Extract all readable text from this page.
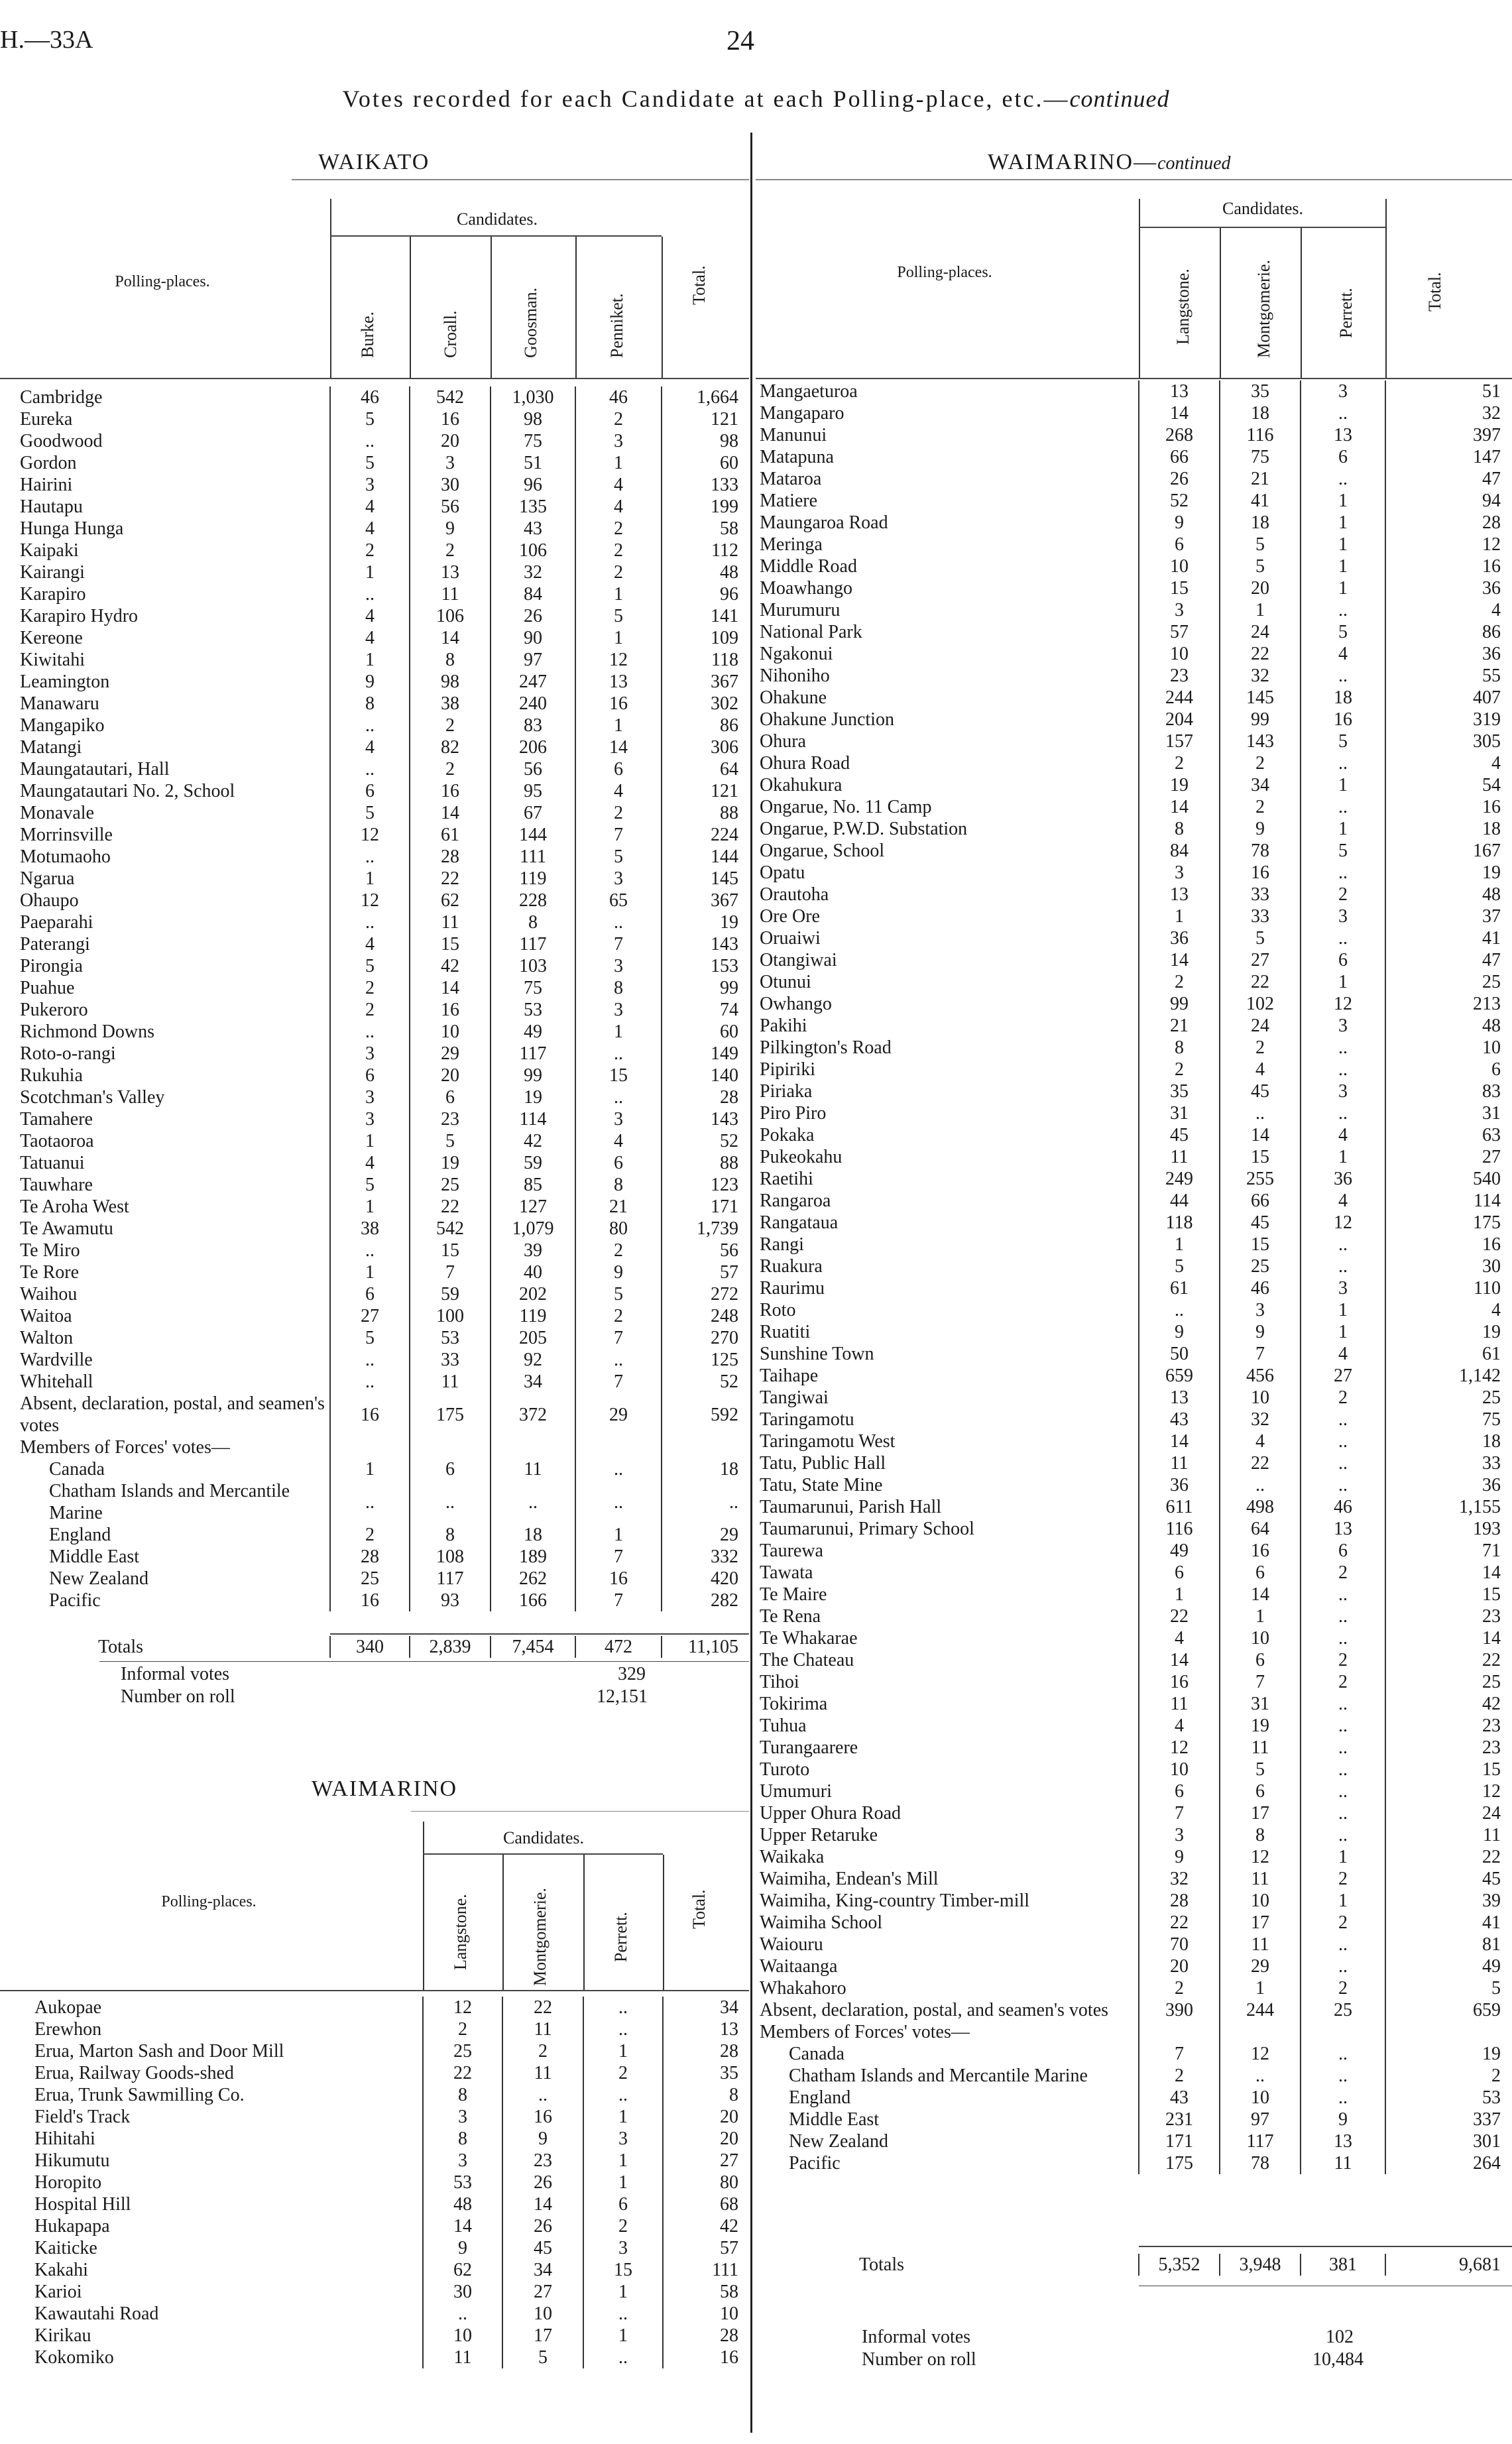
H.—33A	24
Votes recorded for each Candidate at each Polling-place, etc.—continued
WAIKATO
Candidates.
Polling-places.
Burke.	Croall.	Goosman.	Penniket.
Total.
Cambridge	46	542	1,030	46	1,664
Eureka	5	16	98	2	121
Goodwood	..	20	75	3	98
Gordon	5	3	51	1	60
Hairini	3	30	96	4	133
Hautapu	4	56	135	4	199
Hunga Hunga	4	9	43	2	58
Kaipaki	2	2	106	2	112
Kairangi	1	13	32	2	48
Karapiro	..	11	84	1	96
Karapiro Hydro	4	106	26	5	141
Kereone	4	14	90	1	109
Kiwitahi	1	8	97	12	118
Leamington	9	98	247	13	367
Manawaru	8	38	240	16	302
Mangapiko	..	2	83	1	86
Matangi	4	82	206	14	306
Maungatautari, Hall	..	2	56	6	64
Maungatautari No. 2, School	6	16	95	4	121
Monavale	5	14	67	2	88
Morrinsville	12	61	144	7	224
Motumaoho	..	28	111	5	144
Ngarua	1	22	119	3	145
Ohaupo	12	62	228	65	367
Paeparahi	..	11	8	..	19
Paterangi	4	15	117	7	143
Pirongia	5	42	103	3	153
Puahue	2	14	75	8	99
Pukeroro	2	16	53	3	74
Richmond Downs	..	10	49	1	60
Roto-o-rangi	3	29	117	..	149
Rukuhia	6	20	99	15	140
Scotchman's Valley	3	6	19	..	28
Tamahere	3	23	114	3	143
Taotaoroa	1	5	42	4	52
Tatuanui	4	19	59	6	88
Tauwhare	5	25	85	8	123
Te Aroha West	1	22	127	21	171
Te Awamutu	38	542	1,079	80	1,739
Te Miro	..	15	39	2	56
Te Rore	1	7	40	9	57
Waihou	6	59	202	5	272
Waitoa	27	100	119	2	248
Walton	5	53	205	7	270
Wardville	..	33	92	..	125
Whitehall	..	11	34	7	52
Absent, declaration, postal, and seamen's votes	16	175	372	29	592
Members of Forces' votes—					
Canada	1	6	11	..	18
Chatham Islands and Mercantile Marine	..	..	..	..	..
England	2	8	18	1	29
Middle East	28	108	189	7	332
New Zealand	25	117	262	16	420
Pacific	16	93	166	7	282
Totals	340	2,839	7,454	472	11,105
Informal votes	329
Number on roll	12,151
WAIMARINO
Candidates.
Polling-places.	Langstone.	Montgomerie.	Perrett.
Total.
Aukopae	12	22	..	34
Erewhon	2	11	..	13
Erua, Marton Sash and Door Mill	25	2	1	28
Erua, Railway Goods-shed	22	11	2	35
Erua, Trunk Sawmilling Co.	8	..	..	8
Field's Track	3	16	1	20
Hihitahi	8	9	3	20
Hikumutu	3	23	1	27
Horopito	53	26	1	80
Hospital Hill	48	14	6	68
Hukapapa	14	26	2	42
Kaiticke	9	45	3	57
Kakahi	62	34	15	111
Karioi	30	27	1	58
Kawautahi Road	..	10	..	10
Kirikau	10	17	1	28
Kokomiko	11	5	..	16
WAIMARINO—continued
Candidates.
Polling-places.	Langstone.	Montgomerie.	Perrett.	Total.
Mangaeturoa	13	35	3	51
Mangaparo	14	18	..	32
Manunui	268	116	13	397
Matapuna	66	75	6	147
Mataroa	26	21	..	47
Matiere	52	41	1	94
Maungaroa Road	9	18	1	28
Meringa	6	5	1	12
Middle Road	10	5	1	16
Moawhango	15	20	1	36
Murumuru	3	1	..	4
National Park	57	24	5	86
Ngakonui	10	22	4	36
Nihoniho	23	32	..	55
Ohakune	244	145	18	407
Ohakune Junction	204	99	16	319
Ohura	157	143	5	305
Ohura Road	2	2	..	4
Okahukura	19	34	1	54
Ongarue, No. 11 Camp	14	2	..	16
Ongarue, P.W.D. Substation	8	9	1	18
Ongarue, School	84	78	5	167
Opatu	3	16	..	19
Orautoha	13	33	2	48
Ore Ore	1	33	3	37
Oruaiwi	36	5	..	41
Otangiwai	14	27	6	47
Otunui	2	22	1	25
Owhango	99	102	12	213
Pakihi	21	24	3	48
Pilkington's Road	8	2	..	10
Pipiriki	2	4	..	6
Piriaka	35	45	3	83
Piro Piro	31	..	..	31
Pokaka	45	14	4	63
Pukeokahu	11	15	1	27
Raetihi	249	255	36	540
Rangaroa	44	66	4	114
Rangataua	118	45	12	175
Rangi	1	15	..	16
Ruakura	5	25	..	30
Raurimu	61	46	3	110
Roto	..	3	1	4
Ruatiti	9	9	1	19
Sunshine Town	50	7	4	61
Taihape	659	456	27	1,142
Tangiwai	13	10	2	25
Taringamotu	43	32	..	75
Taringamotu West	14	4	..	18
Tatu, Public Hall	11	22	..	33
Tatu, State Mine	36	..	..	36
Taumarunui, Parish Hall	611	498	46	1,155
Taumarunui, Primary School	116	64	13	193
Taurewa	49	16	6	71
Tawata	6	6	2	14
Te Maire	1	14	..	15
Te Rena	22	1	..	23
Te Whakarae	4	10	..	14
The Chateau	14	6	2	22
Tihoi	16	7	2	25
Tokirima	11	31	..	42
Tuhua	4	19	..	23
Turangaarere	12	11	..	23
Turoto	10	5	..	15
Umumuri	6	6	..	12
Upper Ohura Road	7	17	..	24
Upper Retaruke	3	8	..	11
Waikaka	9	12	1	22
Waimiha, Endean's Mill	32	11	2	45
Waimiha, King-country Timber-mill	28	10	1	39
Waimiha School	22	17	2	41
Waiouru	70	11	..	81
Waitaanga	20	29	..	49
Whakahoro	2	1	2	5
Absent, declaration, postal, and seamen's votes	390	244	25	659
Members of Forces' votes—				
Canada	7	12	..	19
Chatham Islands and Mercantile Marine	2	..	..	2
England	43	10	..	53
Middle East	231	97	9	337
New Zealand	171	117	13	301
Pacific	175	78	11	264
Totals	5,352	3,948	381	9,681
Informal votes	102
Number on roll	10,484
